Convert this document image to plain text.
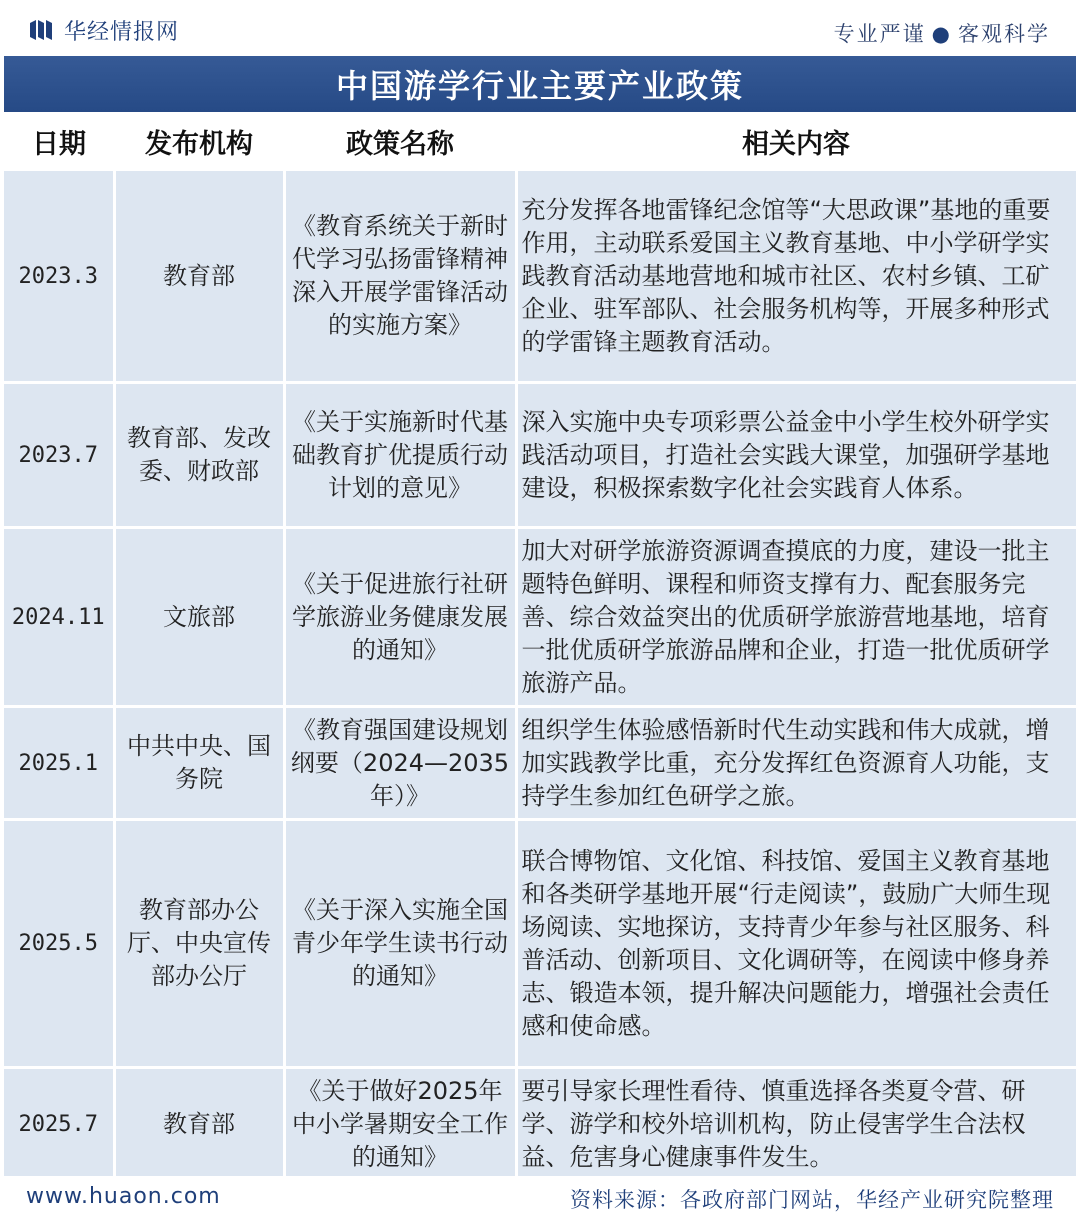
华经情报网	专业严谨 ● 客观科学
中国游学行业主要产业政策
日期	发布机构	政策名称	相关内容
2023.3	教育部	《教育系统关于新时代学习弘扬雷锋精神 深入开展学雷锋活动的实施方案》	充分发挥各地雷锋纪念馆等“大思政课”基地的重要作用，主动联系爱国主义教育基地、中小学研学实践教育活动基地营地和城市社区、农村乡镇、工矿企业、驻军部队、社会服务机构等，开展多种形式的学雷锋主题教育活动。
2023.7	教育部、发改委、财政部	《关于实施新时代基础教育扩优提质行动计划的意见》	深入实施中央专项彩票公益金中小学生校外研学实践活动项目，打造社会实践大课堂，加强研学基地建设，积极探索数字化社会实践育人体系。
2024.11	文旅部	《关于促进旅行社研学旅游业务健康发展的通知》	加大对研学旅游资源调查摸底的力度，建设一批主题特色鲜明、课程和师资支撑有力、配套服务完善、综合效益突出的优质研学旅游营地基地，培育一批优质研学旅游品牌和企业，打造一批优质研学旅游产品。
2025.1	中共中央、国务院	《教育强国建设规划纲要（2024—2035年）》	组织学生体验感悟新时代生动实践和伟大成就，增加实践教学比重，充分发挥红色资源育人功能，支持学生参加红色研学之旅。
2025.5	教育部办公厅、中央宣传部办公厅	《关于深入实施全国青少年学生读书行动的通知》	联合博物馆、文化馆、科技馆、爱国主义教育基地和各类研学基地开展“行走阅读”，鼓励广大师生现场阅读、实地探访，支持青少年参与社区服务、科普活动、创新项目、文化调研等，在阅读中修身养志、锻造本领，提升解决问题能力，增强社会责任感和使命感。
2025.7	教育部	《关于做好2025年中小学暑期安全工作的通知》	要引导家长理性看待、慎重选择各类夏令营、研学、游学和校外培训机构，防止侵害学生合法权益、危害身心健康事件发生。
www.huaon.com	资料来源：各政府部门网站，华经产业研究院整理
